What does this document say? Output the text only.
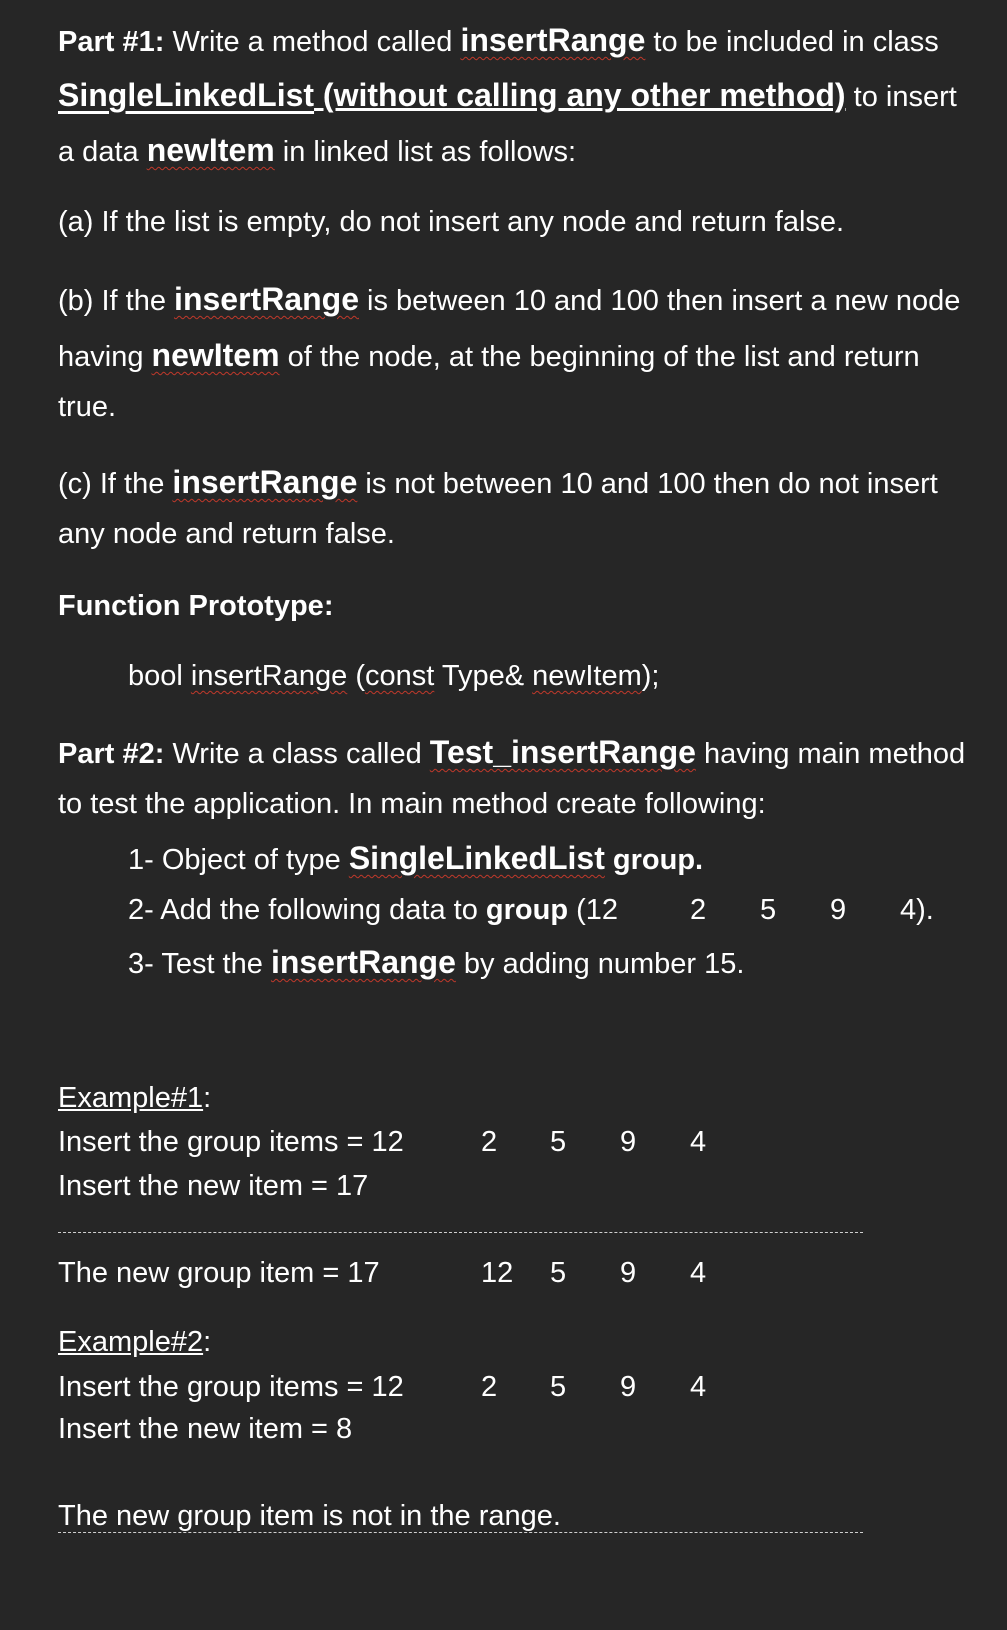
Part #1: Write a method called insertRange to be included in class
SingleLinkedList (without calling any other method) to insert
a data newItem in linked list as follows:
(a) If the list is empty, do not insert any node and return false.
(b) If the insertRange is between 10 and 100 then insert a new node
having newItem of the node, at the beginning of the list and return
true.
(c) If the insertRange is not between 10 and 100 then do not insert
any node and return false.
Function Prototype:
bool insertRange (const Type& newItem);
Part #2: Write a class called Test_insertRange having main method
to test the application. In main method create following:
1- Object of type SingleLinkedList group.
2- Add the following data to group (12 2 5 9 4).
3- Test the insertRange by adding number 15.
Example#1:
Insert the group items = 12	2 5 9 4
Insert the new item = 17
The new group item = 17	12 5 9 4
Example#2:
Insert the group items = 12	2 5 9 4
Insert the new item = 8
The new group item is not in the range.
